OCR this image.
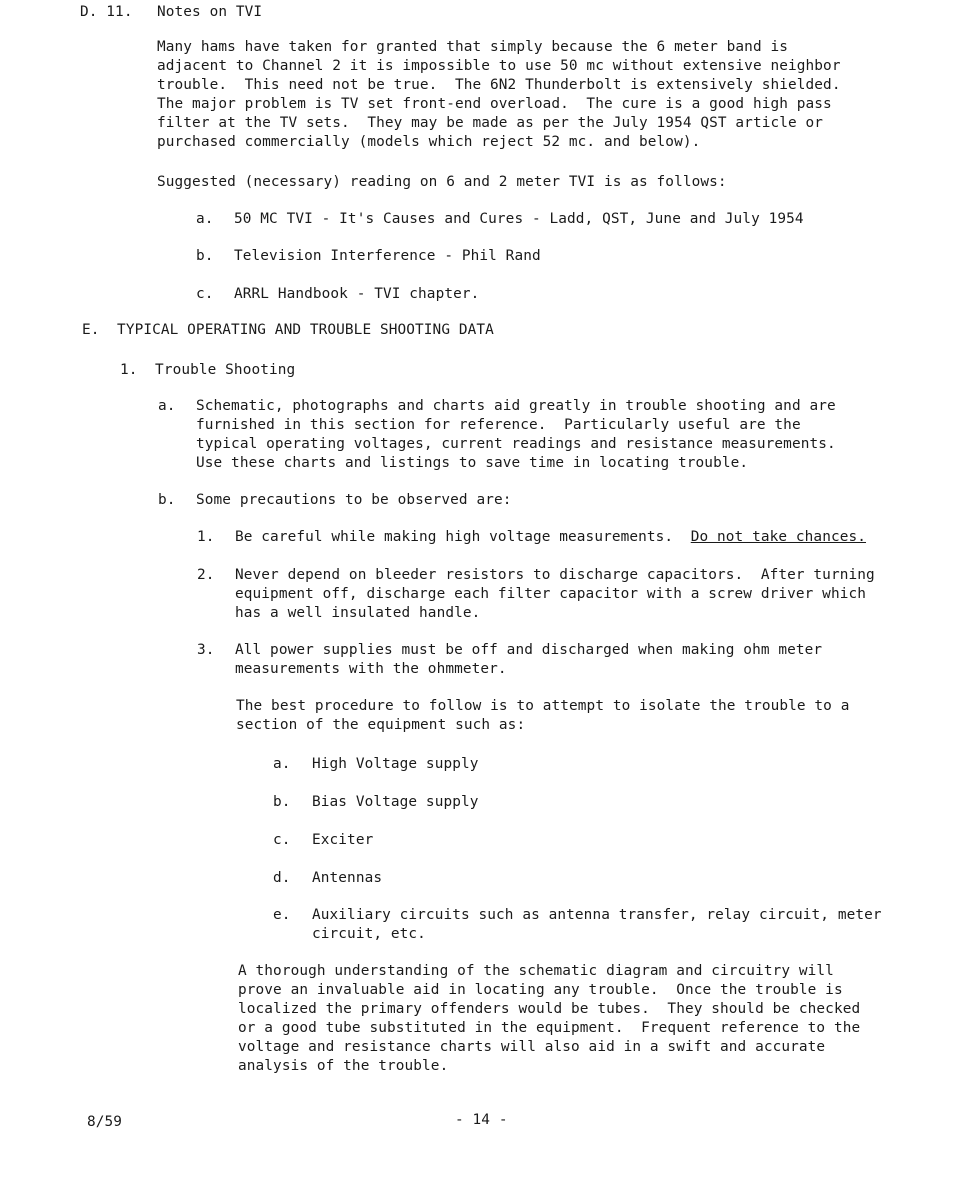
D. 11. Notes on TVI
Many hams have taken for granted that simply because the 6 meter band is
adjacent to Channel 2 it is impossible to use 50 mc without extensive neighbor
trouble.  This need not be true.  The 6N2 Thunderbolt is extensively shielded.
The major problem is TV set front-end overload.  The cure is a good high pass
filter at the TV sets.  They may be made as per the July 1954 QST article or
purchased commercially (models which reject 52 mc. and below).
Suggested (necessary) reading on 6 and 2 meter TVI is as follows:
a. 50 MC TVI - It's Causes and Cures - Ladd, QST, June and July 1954
b. Television Interference - Phil Rand
c. ARRL Handbook - TVI chapter.
E.  TYPICAL OPERATING AND TROUBLE SHOOTING DATA
1.  Trouble Shooting
a. Schematic, photographs and charts aid greatly in trouble shooting and are
furnished in this section for reference.  Particularly useful are the
typical operating voltages, current readings and resistance measurements.
Use these charts and listings to save time in locating trouble.
b. Some precautions to be observed are:
1. Be careful while making high voltage measurements.  Do not take chances.
2. Never depend on bleeder resistors to discharge capacitors.  After turning
equipment off, discharge each filter capacitor with a screw driver which
has a well insulated handle.
3. All power supplies must be off and discharged when making ohm meter
measurements with the ohmmeter.
The best procedure to follow is to attempt to isolate the trouble to a
section of the equipment such as:
a. High Voltage supply
b. Bias Voltage supply
c. Exciter
d. Antennas
e. Auxiliary circuits such as antenna transfer, relay circuit, meter
circuit, etc.
A thorough understanding of the schematic diagram and circuitry will
prove an invaluable aid in locating any trouble.  Once the trouble is
localized the primary offenders would be tubes.  They should be checked
or a good tube substituted in the equipment.  Frequent reference to the
voltage and resistance charts will also aid in a swift and accurate
analysis of the trouble.
8/59	- 14 -
